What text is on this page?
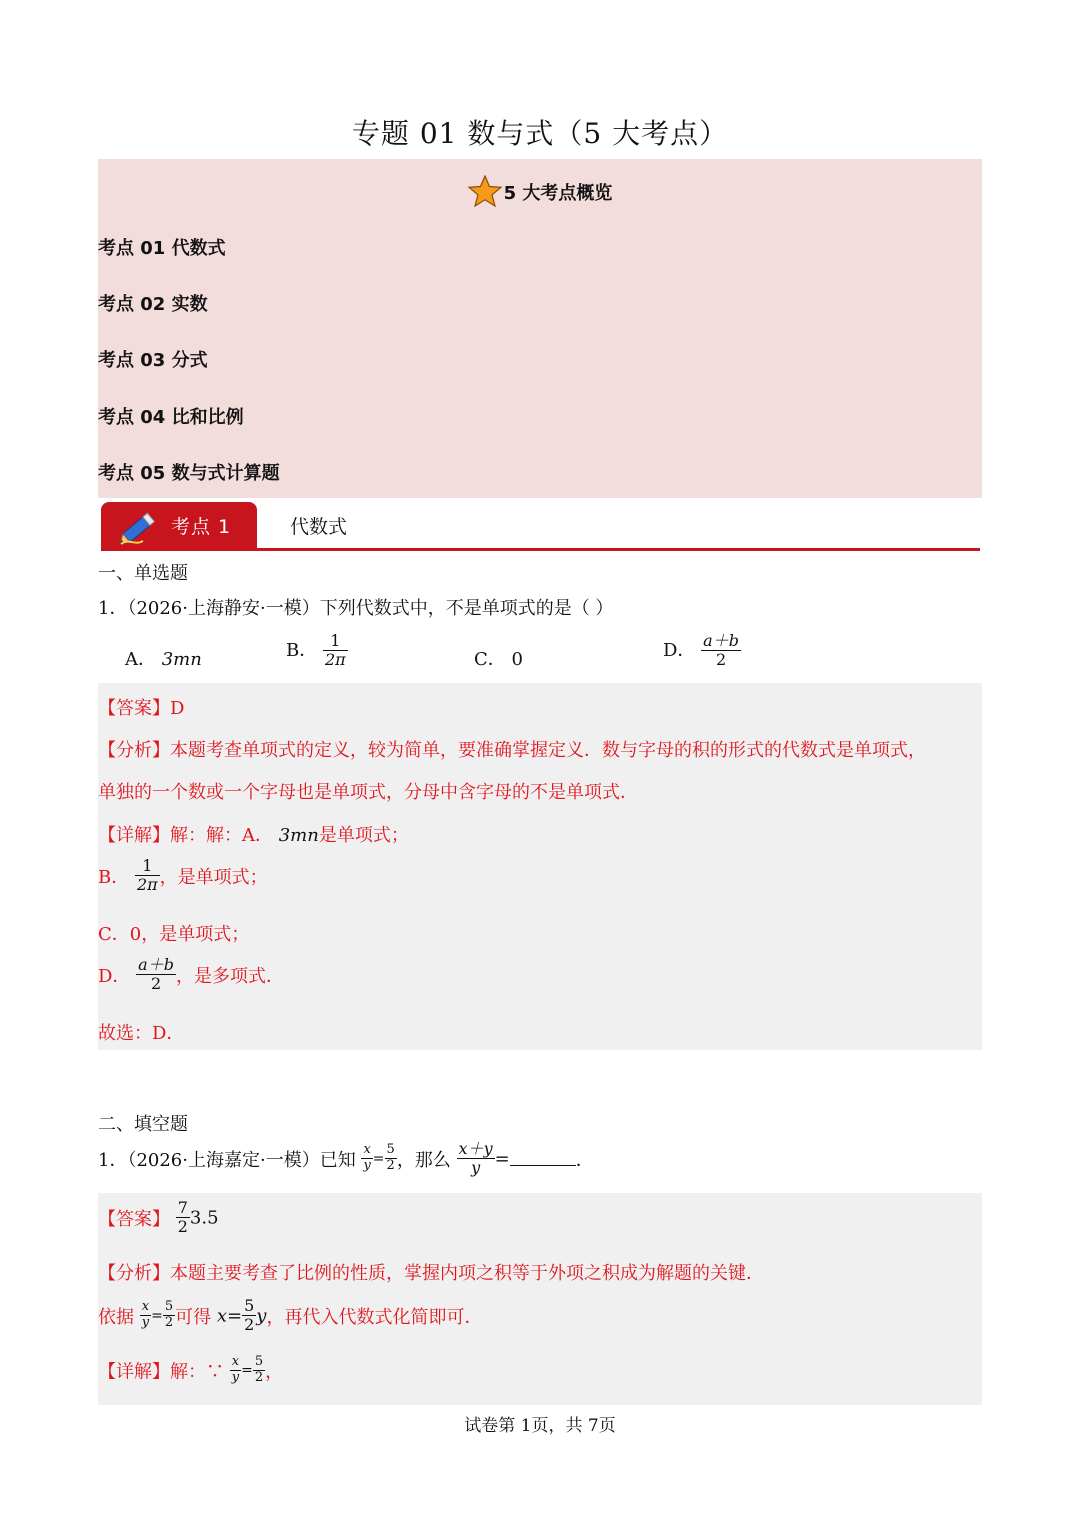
专题 01 数与式（5 大考点）
5 大考点概览
考点 01 代数式
考点 02 实数
考点 03 分式
考点 04 比和比例
考点 05 数与式计算题
考点 1	代数式
一、单选题
1．（2026·上海静安·一模）下列代数式中，不是单项式的是（ ）
A． 3mn	B． $\frac{1}{2\pi}$	C． 0	D． $\frac{a+b}{2}$
【答案】D
【分析】本题考查单项式的定义，较为简单，要准确掌握定义．数与字母的积的形式的代数式是单项式，
单独的一个数或一个字母也是单项式，分母中含字母的不是单项式．
【详解】解：解：A． 3mn是单项式；
B． $\frac{1}{2\pi}$ ，是单项式；
C．0，是单项式；
D． $\frac{a+b}{2}$ ，是多项式．
故选：D．
二、填空题
1．（2026·上海嘉定·一模）已知 $\frac{x}{y} = \frac{5}{2}$ ，那么 $\frac{x+y}{y}$ =	．
【答案】 $\frac{7}{2} 3.5$
【分析】本题主要考查了比例的性质，掌握内项之积等于外项之积成为解题的关键．
依据 $\frac{x}{y} = \frac{5}{2}$ 可得 $x= \frac{5}{2}$ y，再代入代数式化简即可．
【详解】解：∵ $\frac{x}{y} = \frac{5}{2}$ ，
试卷第 1页，共 7页
